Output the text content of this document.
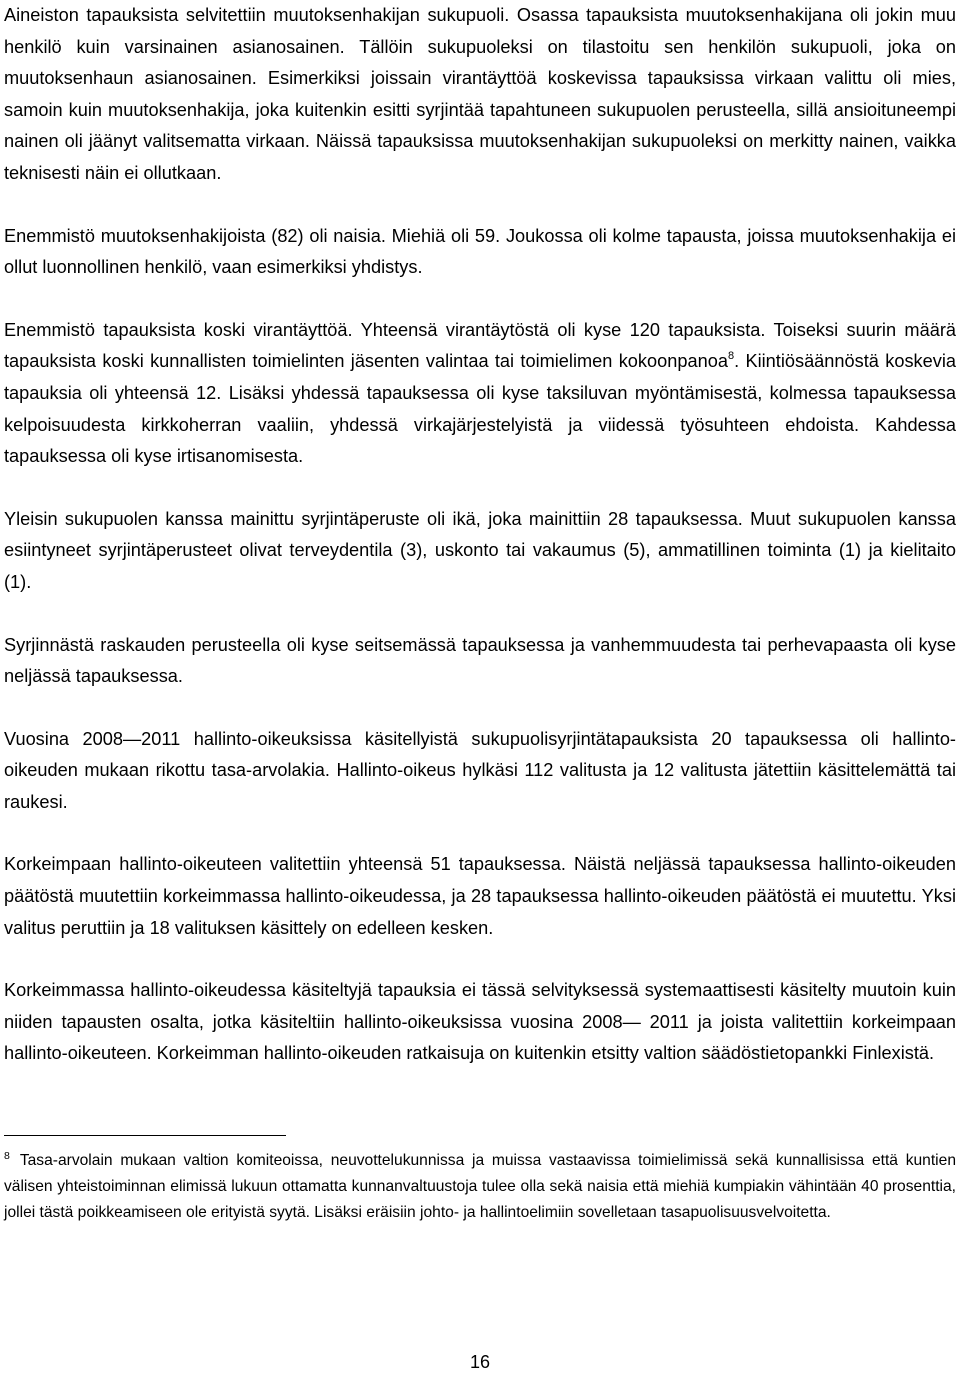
Aineiston tapauksista selvitettiin muutoksenhakijan sukupuoli. Osassa tapauksista muutoksenhakijana oli jokin muu henkilö kuin varsinainen asianosainen. Tällöin sukupuoleksi on tilastoitu sen henkilön sukupuoli, joka on muutoksenhaun asianosainen. Esimerkiksi joissain virantäyttöä koskevissa tapauksissa virkaan valittu oli mies, samoin kuin muutoksenhakija, joka kuitenkin esitti syrjintää tapahtuneen sukupuolen perusteella, sillä ansioituneempi nainen oli jäänyt valitsematta virkaan. Näissä tapauksissa muutoksenhakijan sukupuoleksi on merkitty nainen, vaikka teknisesti näin ei ollutkaan.

Enemmistö muutoksenhakijoista (82) oli naisia. Miehiä oli 59. Joukossa oli kolme tapausta, joissa muutoksenhakija ei ollut luonnollinen henkilö, vaan esimerkiksi yhdistys.

Enemmistö tapauksista koski virantäyttöä. Yhteensä virantäytöstä oli kyse 120 tapauksista. Toiseksi suurin määrä tapauksista koski kunnallisten toimielinten jäsenten valintaa tai toimielimen kokoonpanoa$^8$. Kiintiösäännöstä koskevia tapauksia oli yhteensä 12. Lisäksi yhdessä tapauksessa oli kyse taksiluvan myöntämisestä, kolmessa tapauksessa kelpoisuudesta kirkkoherran vaaliin, yhdessä virkajärjestelyistä ja viidessä työsuhteen ehdoista. Kahdessa tapauksessa oli kyse irtisanomisesta.

Yleisin sukupuolen kanssa mainittu syrjintäperuste oli ikä, joka mainittiin 28 tapauksessa. Muut sukupuolen kanssa esiintyneet syrjintäperusteet olivat terveydentila (3), uskonto tai vakaumus (5), ammatillinen toiminta (1) ja kielitaito (1).

Syrjinnästä raskauden perusteella oli kyse seitsemässä tapauksessa ja vanhemmuudesta tai perhevapaasta oli kyse neljässä tapauksessa.

Vuosina 2008—2011 hallinto-oikeuksissa käsitellyistä sukupuolisyrjintätapauksista 20 tapauksessa oli hallinto-oikeuden mukaan rikottu tasa-arvolakia. Hallinto-oikeus hylkäsi 112 valitusta ja 12 valitusta jätettiin käsittelemättä tai raukesi.

Korkeimpaan hallinto-oikeuteen valitettiin yhteensä 51 tapauksessa. Näistä neljässä tapauksessa hallinto-oikeuden päätöstä muutettiin korkeimmassa hallinto-oikeudessa, ja 28 tapauksessa hallinto-oikeuden päätöstä ei muutettu. Yksi valitus peruttiin ja 18 valituksen käsittely on edelleen kesken.

Korkeimmassa hallinto-oikeudessa käsiteltyjä tapauksia ei tässä selvityksessä systemaattisesti käsitelty muutoin kuin niiden tapausten osalta, jotka käsiteltiin hallinto-oikeuksissa vuosina 2008— 2011 ja joista valitettiin korkeimpaan hallinto-oikeuteen. Korkeimman hallinto-oikeuden ratkaisuja on kuitenkin etsitty valtion säädöstietopankki Finlexistä.

$^8$ Tasa-arvolain mukaan valtion komiteoissa, neuvottelukunnissa ja muissa vastaavissa toimielimissä sekä kunnallisissa että kuntien välisen yhteistoiminnan elimissä lukuun ottamatta kunnanvaltuustoja tulee olla sekä naisia että miehiä kumpiakin vähintään 40 prosenttia, jollei tästä poikkeamiseen ole erityistä syytä. Lisäksi eräisiin johto- ja hallintoelimiin sovelletaan tasapuolisuusvelvoitetta.

16
